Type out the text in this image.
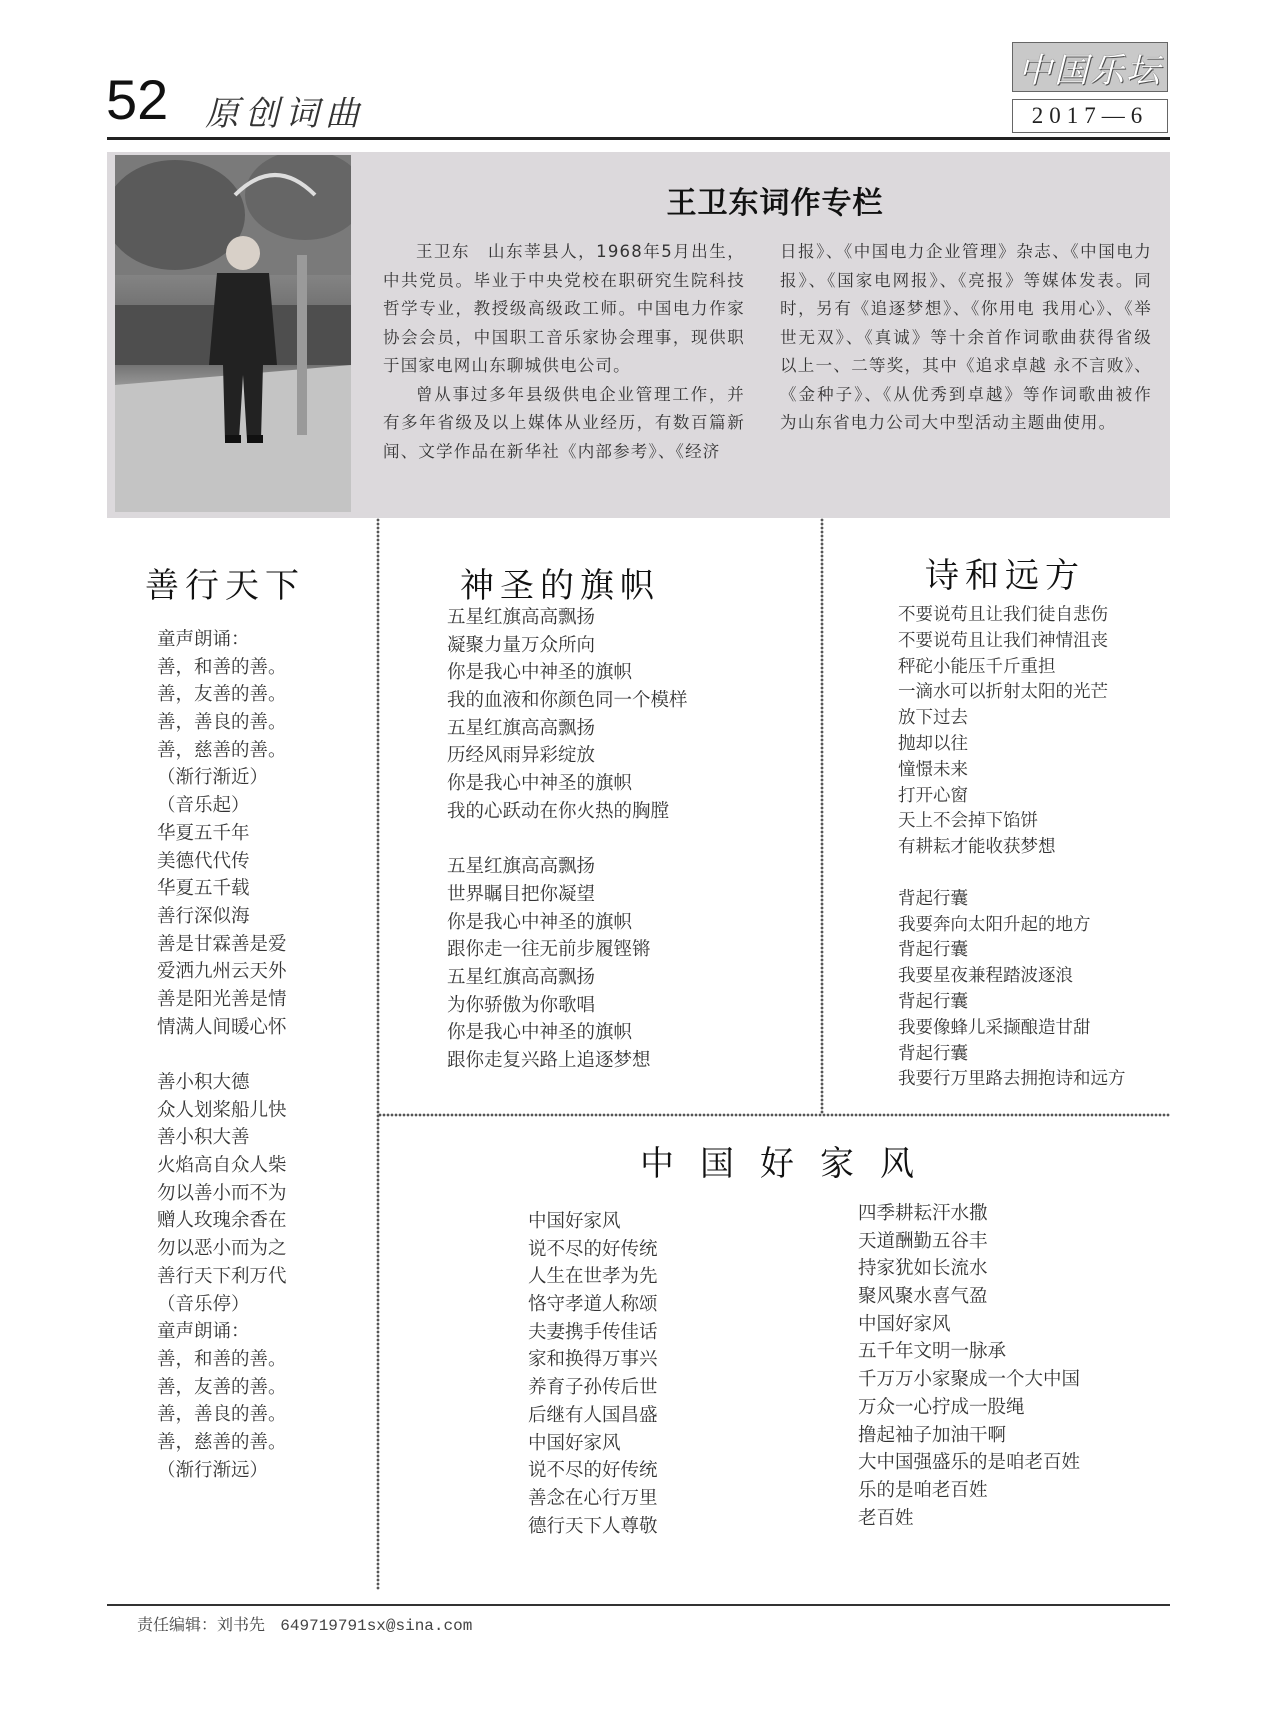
52 原创词曲
中国乐坛
2017—6
王卫东词作专栏

王卫东　山东莘县人，1968年5月出生，中共党员。毕业于中央党校在职研究生院科技哲学专业，教授级高级政工师。中国电力作家协会会员，中国职工音乐家协会理事，现供职于国家电网山东聊城供电公司。

曾从事过多年县级供电企业管理工作，并有多年省级及以上媒体从业经历，有数百篇新闻、文学作品在新华社《内部参考》、《经济

日报》、《中国电力企业管理》杂志、《中国电力报》、《国家电网报》、《亮报》等媒体发表。同时，另有《追逐梦想》、《你用电 我用心》、《举世无双》、《真诚》等十余首作词歌曲获得省级以上一、二等奖，其中《追求卓越 永不言败》、《金种子》、《从优秀到卓越》等作词歌曲被作为山东省电力公司大中型活动主题曲使用。
善行天下
童声朗诵：
善，和善的善。
善，友善的善。
善，善良的善。
善，慈善的善。
（渐行渐近）
（音乐起）
华夏五千年
美德代代传
华夏五千载
善行深似海
善是甘霖善是爱
爱洒九州云天外
善是阳光善是情
情满人间暖心怀
善小积大德
众人划桨船儿快
善小积大善
火焰高自众人柴
勿以善小而不为
赠人玫瑰余香在
勿以恶小而为之
善行天下利万代
（音乐停）
童声朗诵：
善，和善的善。
善，友善的善。
善，善良的善。
善，慈善的善。
（渐行渐远）
神圣的旗帜
五星红旗高高飘扬
凝聚力量万众所向
你是我心中神圣的旗帜
我的血液和你颜色同一个模样
五星红旗高高飘扬
历经风雨异彩绽放
你是我心中神圣的旗帜
我的心跃动在你火热的胸膛
五星红旗高高飘扬
世界瞩目把你凝望
你是我心中神圣的旗帜
跟你走一往无前步履铿锵
五星红旗高高飘扬
为你骄傲为你歌唱
你是我心中神圣的旗帜
跟你走复兴路上追逐梦想
诗和远方
不要说苟且让我们徒自悲伤
不要说苟且让我们神情沮丧
秤砣小能压千斤重担
一滴水可以折射太阳的光芒
放下过去
抛却以往
憧憬未来
打开心窗
天上不会掉下馅饼
有耕耘才能收获梦想
背起行囊
我要奔向太阳升起的地方
背起行囊
我要星夜兼程踏波逐浪
背起行囊
我要像蜂儿采撷酿造甘甜
背起行囊
我要行万里路去拥抱诗和远方
中国好家风
中国好家风
说不尽的好传统
人生在世孝为先
恪守孝道人称颂
夫妻携手传佳话
家和换得万事兴
养育子孙传后世
后继有人国昌盛
中国好家风
说不尽的好传统
善念在心行万里
德行天下人尊敬
四季耕耘汗水撒
天道酬勤五谷丰
持家犹如长流水
聚风聚水喜气盈
中国好家风
五千年文明一脉承
千万万小家聚成一个大中国
万众一心拧成一股绳
撸起袖子加油干啊
大中国强盛乐的是咱老百姓
乐的是咱老百姓
老百姓
责任编辑：刘书先 649719791sx@sina.com
